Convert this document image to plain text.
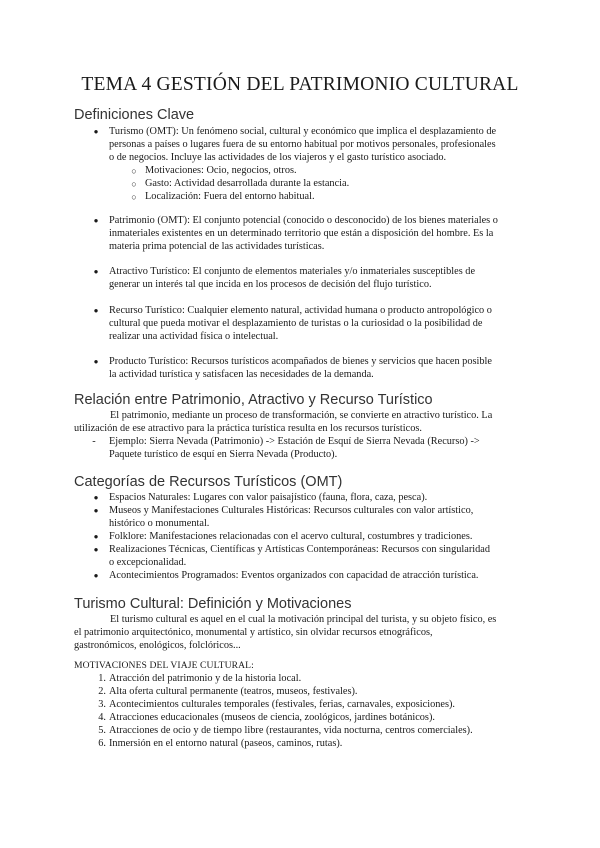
TEMA 4 GESTIÓN DEL PATRIMONIO CULTURAL
Definiciones Clave
● Turismo (OMT): Un fenómeno social, cultural y económico que implica el desplazamiento de
personas a países o lugares fuera de su entorno habitual por motivos personales, profesionales
o de negocios. Incluye las actividades de los viajeros y el gasto turístico asociado.

○ Motivaciones: Ocio, negocios, otros.

○ Gasto: Actividad desarrollada durante la estancia.

○ Localización: Fuera del entorno habitual.

● Patrimonio (OMT): El conjunto potencial (conocido o desconocido) de los bienes materiales o
inmateriales existentes en un determinado territorio que están a disposición del hombre. Es la
materia prima potencial de las actividades turísticas.

● Atractivo Turístico: El conjunto de elementos materiales y/o inmateriales susceptibles de
generar un interés tal que incida en los procesos de decisión del flujo turístico.

● Recurso Turístico: Cualquier elemento natural, actividad humana o producto antropológico o
cultural que pueda motivar el desplazamiento de turistas o la curiosidad o la posibilidad de
realizar una actividad física o intelectual.

● Producto Turístico: Recursos turísticos acompañados de bienes y servicios que hacen posible
la actividad turística y satisfacen las necesidades de la demanda.

Relación entre Patrimonio, Atractivo y Recurso Turístico

El patrimonio, mediante un proceso de transformación, se convierte en atractivo turístico. La
utilización de ese atractivo para la práctica turística resulta en los recursos turísticos.

-	Ejemplo: Sierra Nevada (Patrimonio) -> Estación de Esquí de Sierra Nevada (Recurso) ->
Paquete turístico de esquí en Sierra Nevada (Producto).

Categorías de Recursos Turísticos (OMT)
● Espacios Naturales: Lugares con valor paisajístico (fauna, flora, caza, pesca).

● Museos y Manifestaciones Culturales Históricas: Recursos culturales con valor artístico,
histórico o monumental.

● Folklore: Manifestaciones relacionadas con el acervo cultural, costumbres y tradiciones.

● Realizaciones Técnicas, Científicas y Artísticas Contemporáneas: Recursos con singularidad
o excepcionalidad.

● Acontecimientos Programados: Eventos organizados con capacidad de atracción turística.

Turismo Cultural: Definición y Motivaciones

El turismo cultural es aquel en el cual la motivación principal del turista, y su objeto físico, es
el patrimonio arquitectónico, monumental y artístico, sin olvidar recursos etnográficos,
gastronómicos, enológicos, folclóricos...

MOTIVACIONES DEL VIAJE CULTURAL:

1. Atracción del patrimonio y de la historia local.

2. Alta oferta cultural permanente (teatros, museos, festivales).

3. Acontecimientos culturales temporales (festivales, ferias, carnavales, exposiciones).

4. Atracciones educacionales (museos de ciencia, zoológicos, jardines botánicos).

5. Atracciones de ocio y de tiempo libre (restaurantes, vida nocturna, centros comerciales).

6. Inmersión en el entorno natural (paseos, caminos, rutas).
